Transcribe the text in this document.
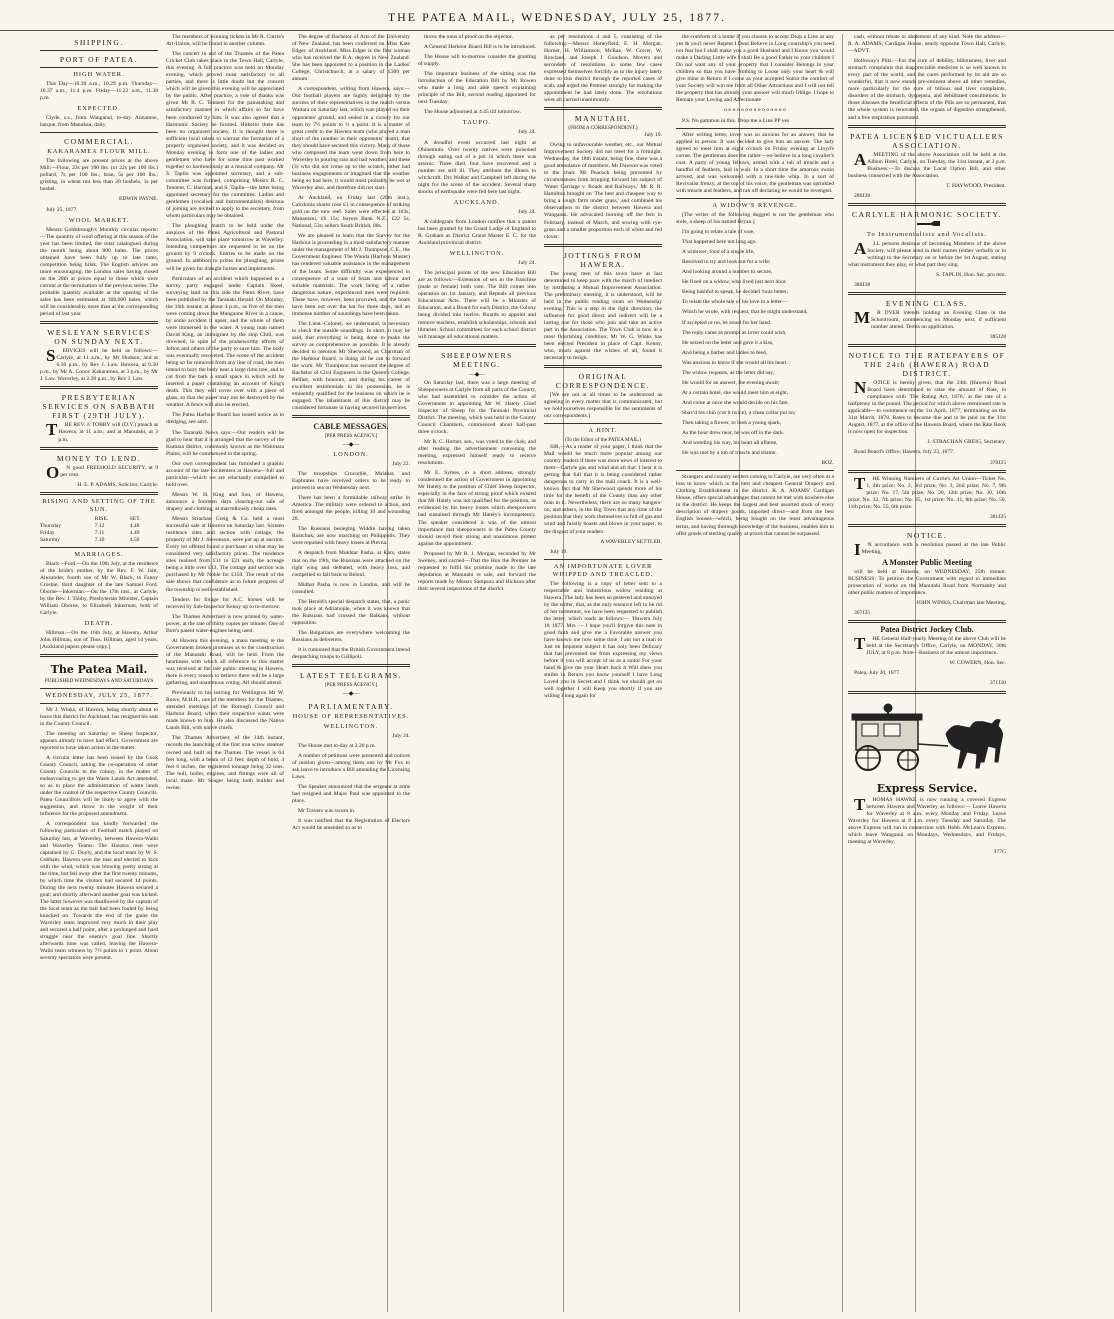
THE PATEA MAIL, WEDNESDAY, JULY 25, 1877.
SHIPPING.
PORT OF PATEA.
HIGH WATER.

This Day—10.30 a.m., 10.29 p.m. Thursday—10.37 a.m., 11.4 p.m. Friday—11.22 a.m., 11.38 p.m.

EXPECTED.

Clyde, s.s., from Wanganui, to-day. Annamoe, barque, from Manukau, daily.

COMMERCIAL.
KAKARAMEA FLOUR MILL.

The following are present prices at the above Mill:—Flour, 23s per 100 lbs. (or 22s per 100 lbs.) pollard, 7s per 100 lbs.; bran, 5s per 100 lbs.; gristing, in wheat not less than 20 bushels, 1s per bushel.

EDWIN PAYNE.

July 25, 1877.

WOOL MARKET.

Messrs Goldsbrough's Monthly circular reports:—The quantity of wool offering at this season of the year has been limited, the total catalogued during the month being about 800 bales. The prices obtained have been fully up to late rates, competition being brisk. The English advices are more encouraging; the London sales having closed on the 28th at prices equal to those which were current at the termination of the previous series. The probable quantity available at the opening of the sales has been estimated at 300,000 bales, which will be considerably more than at the corresponding period of last year.

WESLEYAN SERVICES ON SUNDAY NEXT.

SERVICES will be held as follows:—Carlyle, at 11 a.m., by Mr Hudson; and at 6.30 p.m., by Rev J. Law. Hawera, at 6.30 p.m., by Mr A. Conor. Kakaramea, at 3 p.m., by Mr J. Law. Waverley, at 2.30 p.m., by Rev J. Law.

PRESBYTERIAN SERVICES ON SABBATH FIRST (29TH JULY).

THE REV. J. TOBBY will (D.V.) preach at Hawera, at 11 a.m.; and at Manutahi, at 3 p.m.

MONEY TO LEND.

ON good FREEHOLD SECURITY, at 9 per cent.

H. E. P. ADAMS, Solicitor, Carlyle.

RISING AND SETTING OF THE SUN.
	RISE.	SET.
Thursday	7.12	4.48
Friday	7.11	4.49
Saturday	7.10	4.50
MARRIAGES.

Black—Ford.—On the 19th July, at the residence of the bride's mother, by the Rev. F. W. Isitt, Alexander, fourth son of Mr W. Black, to Fanny Crosbie, third daughter of the late Samuel Ford. Oborne—Inkerman.—On the 17th inst., at Carlyle, by the Rev. J. Tobby, Presbyterian Minister, Captain William Oborne, to Elizabeth Inkerman, both of Carlyle.

DEATH.

Hillman.—On the 16th July, at Hawera, Arthur John Hillman, son of Thos. Hillman, aged 14 years. [Auckland papers please copy.]

The Patea Mail.
PUBLISHED WEDNESDAYS AND SATURDAYS
WEDNESDAY, JULY 25, 1877.

Mr J. Winks, of Hawera, being shortly about to leave this district for Auckland, has resigned his seat in the County Council.

The meeting on Saturday re Sheep Inspector, appears already to have had effect. Government are reported to have taken action in the matter.

A circular letter has been issued by the Cook County Council, asking the co-operation of other County Councils in the colony, in the matter of endeavouring to get the Waste Lands Act amended, so as to place the administration of waste lands under the control of the respective County Councils. Patea Councillors will be likely to agree with the suggestion, and throw in the weight of their influence for the proposed amendment.

A correspondent has kindly forwarded the following particulars of Football match played on Saturday last, at Waverley, between Hawera-Waihi and Waverley Teams. The Hawera men were captained by G. Doyly, and the local team by W. S. Cobham. Hawera won the toss and elected to kick with the wind, which was blowing pretty strong at the time, but fell away after the first twenty minutes, by which time the visitors had secured 14 points. During the next twenty minutes Hawera secured a goal; and shortly afterward another goal was kicked. The latter however was disallowed by the captain of the local team as the ball had been fouled by being knocked on. Towards the end of the game the Waverley team improved very much in their play and secured a half point, after a prolonged and hard struggle near the enemy's goal line. Shortly afterwards time was called, leaving the Hawera-Waihi team winners by 7½ points to 1 point. About seventy spectators were present.

The members of winning tickets in Mr R. Currie's Art-Union, will be found in another column.

The concert in aid of the Trustees of the Patea Cricket Club takes place in the Town Hall, Carlyle, this evening. A full practice was held on Monday evening, which proved most satisfactory to all parties, and there is little doubt but the concert which will be given this evening will be appreciated by the public. After practice, a vote of thanks was given Mr R. C. Tennent for the painstaking and satisfactory manner in which affairs so far have been conducted by him. It was also agreed that a Harmonic Society be formed. Hitherto there has been no organised society. It is thought there is sufficient local talent to warrant the formation of a properly organised society, and it was decided on Monday evening to form one of the ladies and gentlemen who have for some time past worked together so harmoniously as a musical company. Mr S. Taplin was appointed secretary, and a sub-committee was formed, comprising Messrs R. C. Tennent, C. Harman, and S. Taplin—the latter being appointed secretary for the committee. Ladies and gentlemen (vocalists and instrumentalists) desirous of joining are invited to apply to the secretary, from whom particulars may be obtained.

The ploughing match to be held under the auspices of the Patea Agricultural and Pastoral Association, will take place tomorrow at Waverley. Intending competitors are requested to be on the ground by 9 o'clock. Entries to be made on the ground. In addition to prizes for ploughing, prizes will be given for draught horses and implements.

Particulars of an accident which happened to a survey party engaged under Captain Skeet, surveying land on this side the Patea River, have been published by the Taranaki Herald. On Monday, the 16th instant, at about 4 p.m., as five of the men were coming down the Mangaone River in a canoe, by some accident it upset, and the whole of them were immersed in the water. A young man named David King, an immigrant by the ship Chili, was drowned, in spite of the praiseworthy efforts of Jefton and others of the party to save him. The body was eventually recovered. The scene of the accident being so far removed from any line of road, the men intend to bury the body near a large rimu tree, and to cut from the bark a small space in which will be inserted a paper containing an account of King's death. This they will cover over with a piece of glass, so that the paper may not be destroyed by the weather. A fence will also be erected.

The Patea Harbour Board has issued notice as to dredging, see advt.

The Taranaki News says:—Our readers will be glad to hear that it is arranged that the survey of the Kumara district, commonly known as the Waitotara Plains, will be commenced in the spring.

Our own correspondent has furnished a graphic account of the late excitement at Hawera—full and particular—which we are reluctantly compelled to hold over.

Messrs W. H. King and Son, of Hawera, announce a fourteen days clearing-out sale of drapery and clothing, at marvellously cheap rates.

Messrs Strachan Greig & Co. held a most successful sale at Hawera on Saturday last. Sixteen residence sites and section with cottage, the property of Mr J. Stevenson, were put up at auction. Every lot offered found a purchaser at what may be considered very satisfactory prices. The residence sites realised from £11 to £21 each, the acreage being a little over £13. The cottage and section was purchased by Mr Noble for £150. The result of the sale shows that confidence as to future progress of the township is well established.

Tenders for forage for A.C. horses will be received by Sub-Inspector Kenny up to to-morrow.

The Thames Advertiser is now printed by water-power, at the rate of thirty copies per minute. One of Burt's patent water-engines being used.

At Hawera this evening, a mass meeting re the Government broken promises as to the construction of the Manutahi Road, will be held. From the heartiness with which all reference to this matter was received at the late public meeting in Hawera, there is every reason to believe there will be a large gathering, and unanimous voting. All should attend.

Previously to his leaving for Wellington Mr W. Rowe, M.H.R., one of the members for the Thames, attended meetings of the Borough Council and Harbour Board, when their respective wants were made known to him. He also discussed the Native Lands Bill, with native chiefs.

The Thames Advertiser, of the 14th instant, records the launching of the first iron screw steamer owned and built on the Thames. The vessel is 64 feet long, with a beam of 12 feet; depth of hold, 4 feet 6 inches, the registered tonnage being 32 tons. The hull, boiler, engines, and fittings were all of local make. Mr Seager being both builder and owner.

The degree of Bachelor of Arts of the University of New Zealand, has been conferred on Miss Kate Edger, of Auckland. Miss Edger is the first woman who has received the B.A. degree in New Zealand. She has been appointed to a position in the Ladies' College, Christchurch, at a salary of £300 per annum.

A correspondent, writing from Hawera, says:—Our football players are highly delighted by the success of their representatives in the match versus Waitara on Saturday last, which was played on their opponents' ground, and ended in a victory for our team by 7½ points to ½ a point. It is a matter of great credit to the Hawera team (who played a man short of the number in their opponents' team), that they should have secured this victory. Many of those who composed the team went down from here to Waverley in pouring rain and had weather, and these (3) who did not come up to the scratch, either had business engagements or imagined that the weather being so bad here, it would most probably be wet at Waverley also, and therefore did not start.

At Auckland, on Friday last (20th inst.), Calcdonia shares rose £1 in consequence of striking gold on the new reef. Sales were effected at 103s; Manantani, £6 15s; buyers Bank N.Z., £22 5s; National, 53s; sellers South British, 80s.

We are pleased to learn that the Survey for the Harbour is proceeding in a most satisfactory manner under the management of Mr J. Thompson, C.E., the Government Engineer. The Wanda (Harbour Master) has rendered valuable assistance in the management of the boats. Some difficulty was experienced in consequence of a want of boats and labour and suitable materials. The work being of a rather dangerous nature, experienced men were required. These have, however, been procured, and the boats have been out over the bar for three days, and an immense number of soundings have been taken.

The Lieut.-Colonel, we understand, is necessary to check the outside soundings. In short, it may be said, that everything is being done to make the survey as comprehensive as possible. It is already decided to mention Mr Sherwood, as Chairman of the Harbour Board, is doing all he can to forward the work. Mr Thompson has secured the degree of Bachelor of Civil Engineers in the Queen's College, Belfast, with honours, and during his career of excellent testimonials in his possession, he is eminently qualified for the business on which he is engaged. The inhabitants of this district may be considered fortunate in having secured his services.

CABLE MESSAGES.
[PER PRESS AGENCY.]
—◆—
LONDON.

July 22.

The troopships Crocodile, Malabar, and Euphrates have received orders to be ready to proceed to sea on Wednesday next.

There has been a formidable railway strike in America. The military were ordered to action, and fired amongst the people, killing 10 and wounding 20.

The Russians besieging Widdin having taken Rustchuk, are now marching on Philippolis. They were repulsed with heavy losses at Plevna.

A despatch from Mukhtar Pasha, at Kars, states that on the 19th, the Russians were attacked on the right wing and defeated, with heavy loss, and compelled to fall back to Beloul.

Midhat Pasha is now in London, and will be consulted.

The Herald's special despatch states, that, a panic took place at Adrianople, when it was known that the Russians had crossed the Balkans, without opposition.

The Bulgarians are everywhere welcoming the Russians as deliverers.

It is rumoured that the British Government intend despatching troops to Gallipoli.

LATEST TELEGRAMS.
[PER PRESS AGENCY.]
—◆—
PARLIAMENTARY.
HOUSE OF REPRESENTATIVES.
WELLINGTON.

July 24.

The House met to-day at 2.30 p.m.

A number of petitions were presented and notices of motion given—among them one by Mr Fox to ask leave to introduce a Bill amending the Licensing Laws.

The Speaker announced that the sergeant at arms had resigned and Major Paul was appointed to the place.

Mr Travers was sworn in.

It was notified that the Registration of Electors Act would be amended so as to

throw the onus of proof on the objector.

A General Harbour Board Bill is to be introduced.

The House will to-morrow consider the granting of supply.

The important business of the sitting was the introduction of the Education Bill by Mr Bowen who made a long and able speech explaining principle of the Bill, second reading appointed for next Tuesday.

The House adjourned at 4.45 till tomorrow.

TAUPO.

July 24.

A dreadful event occurred last night at Ohinemutu. Over twenty natives were poisoned through eating out of a pot in which there was arsenic. Three died, four have recovered and a number are still ill. They attribute the illness to witchcraft. Drs Walker and Campbell left during the night for the scene of the accident. Several sharp shocks of earthquake were felt here last night.

AUCKLAND.

July 24.

A cablegram from London notifies that a patent has been granted by the Grand Lodge of England to R. Graham as District Grand Master E. C. for the Auckland provincial district.

WELLINGTON.

July 24.

The principal points of the new Education Bill are as follows:—Extension of sex in the franchise (male or female) both vote. The Bill comes into operation on 1st January, and Repeals all previous Educational Acts. There will be a Minister of Education, and a Board for each District, the Colony being divided into twelve. Boards to appoint and remove teachers, establish scholarships, schools and libraries. School committees for each school district will manage all educational matters.

SHEEPOWNERS MEETING.
—◆—

On Saturday last, there was a large meeting of Sheepowners at Carlyle from all parts of the County, who had assembled to consider the action of Government in appointing Mr W. Hately Chief Inspector of Sheep for the Taranaki Provincial District. The meeting, which was held in the County Council Chambers, commenced about half-past three o'clock.

Mr R. C. Horner, sen., was voted to the chair, and after reading the advertisement convening the meeting, expressed himself ready to receive resolutions.

Mr E. Symes, in a short address, strongly condemned the action of Government in appointing Mr Hately to the position of Chief Sheep Inspector, especially in the face of strong proof which existed that Mr Hately was not qualified for the position, as evidenced by his heavy losses which sheepowners had sustained through Mr Hately's incompetency. The speaker considered it was of the utmost importance that sheepowners in the Patea County should record their strong and unanimous protest against the appointment.

Proposed by Mr R. J. Morgan, seconded by Mr Sweney, and carried—That the Hon the Premier be requested to fulfil his promise made to the late deputation at Manutahi re sale, and forward the reports made by Messrs Sampson and Hickson after their several inspections of the district.

as per resolutions 4 and 5, consisting of the following:—Messrs Honeyfield, E. H. Morgan, Horner, H. Williamson, McRae, W. Gower, W. Rowland, and Joseph J. Goodson. Movers and seconders of resolutions in some few cases expressed themselves forcibly as to the injury lately done to this district through the reported cases of scab, and urged the Premier strongly for making the appointment he had lately done. The resolutions were all carried unanimously.

MANUTAHI.
(FROM A CORRESPONDENT.)

July 19.

Owing to unfavourable weather, etc., our Mutual Improvement Society did not meet for a fortnight. Wednesday, the 18th instant, being fine, there was a good attendance of members. Mr Dawson was voted to the chair. Mr Peacock being prevented by circumstances from bringing forward his subject of 'Water Carriage v. Roads and Railways,' Mr R. R. Hamilton brought on 'The best and cheapest way to bring a rough farm under grass,' and combined his observations to the district between Hawera and Wanganui. He advocated burning off the fern in February, instead of March, and sowing with rye-grass and a smaller proportion each of white and red clover.

JOTTINGS FROM HAWERA.

The young men of this town have at last determined to keep pace with the march of intellect by instituting a Mutual Improvement Association. The preliminary meeting, it is understood, will be held in the public reading room on Wednesday evening. This is a step in the right direction; the influence for good direct and indirect will be a lasting one for those who join and take an active part in the Association. The Town Club is now in a most flourishing condition; Mr W. G. Winks has been elected President in place of Capt. Kenny, who, much against the wishes of all, found it necessary to resign.

ORIGINAL CORRESPONDENCE.

[We are not at all times to be understood as agreeing in every matter that is communicated, but we hold ourselves responsible for the sentiments of our correspondents.]

A HINT.
(To the Editor of the PATEA MAIL.)

SIR,—As a reader of your paper, I think that the Mail would be much more popular among our country readers if there was more news of interest to them—Carlyle gas and wind and all that. I hear it is getting that full that it is being considered rather dangerous to carry in the mail coach. It is a well-known fact that Mr Sherwood spends more of his time for the benefit of the County than any other man in it. Nevertheless, there are so many hangers-on, and others, in the Big Town that any time of the position that they work themselves so full of gas and wind and fussily boasts and blows in your paper, to the disgust of your readers.

A WAVERLEY SETTLER.

July 19.

AN IMPORTUNATE LOVER WHIPPED AND TREACLED.

The following is a copy of letter sent to a respectable and industrious widow residing at Hawera. The lady has been so pestered and annoyed by the writer, that, as the only resource left to be rid of her tormentor, we have been requested to publish the letter, which reads as follows:— 'Hawera July 18 1877. Mrs — I hope you'll forgive this note in good faith and give me a Favorable answer you have known me now some time. I am not a man to Just on Impotent subject it has only been Delicacy that has prevented me from expressing my views before if you will accept of us as a suitor For your hand & give me your Heart back it Will shew you smiles in Return you know yourself I have Long Loved you in Secret and I think we should get on well together I will Keep you shortly if you are willing I long again for

cash, without rebate or abatement of any kind. Note the address—R. A. ADAMS; Cardigan House, nearly opposite Town Hall, Carlyle.—ADVT.

Holloway's Pills.—For the cure of debility, biliousness, liver and stomach complaints this inappreciable medicine is so well known in every part of the world, and the cures performed by its aid are so wonderful, that it now stands pre-eminent above all other remedies, more particularly for the cure of bilious and liver complaints, disorders of the stomach, dyspepsia, and debilitated constitutions. In those diseases the beneficial effects of the Pills are so permanent, that the whole system is renovated, the organs of digestion strengthened, and a free respiration promoted.

PATEA LICENSED VICTUALLERS ASSOCIATION.

AMEETING of the above Association will be held at the Albion Hotel, Carlyle, on Tuesday, the 31st instant, at 3 p.m. Business:—To discuss the Local Option Bill, and other business connected with the Association.

T. HAYWOOD, President.

286J28

CARLYLE HARMONIC SOCIETY.
To Instrumentalists and Vocalists.

ALL persons desirous of becoming Members of the above Society, will please send in their names (either verbally or in writing) to the Secretary on or before the 1st August, stating what instrument they play, or what part they sing.

S. TAPLIN, Hon. Sec. pro tem.

380J28

EVENING CLASS.

MR DYER intends holding an Evening Class in the Schoolroom, commencing on Monday next, if sufficient number attend. Terms on application.

385J28

NOTICE TO THE RATEPAYERS OF THE 24th (HAWERA) ROAD DISTRICT.

NOTICE is hereby given, that the 24th (Hawera) Road Board have determined to raise the amount of Rate, in compliance with 'The Rating Act, 1876,' at the rate of a halfpenny in the pound. The period for which above mentioned rate is applicable—to commence on the 1st April, 1877, terminating on the 31st March, 1878. Rates to become due and to be paid on the 31st August, 1877, at the office of the Hawera Board, where the Rate Book is now open for inspection.

J. STRACHAN GREIG, Secretary.

Road Board's Office, Hawera, July 23, 1877.

378J25

THE Winning Numbers of Currie's Art Union—Ticket No. 1, 4th prize; No. 2, 3rd prize; No. 3, 2nd prize; No. 7, 9th prize; No. 17, 5th prize; No. 20, 12th prize; No. 30, 10th prize; No. 32, 7th prize; No. 35, 1st prize; No. 41, 8th prize; No. 50, 11th prize; No. 55, 6th prize.

381J25

NOTICE.

IN accordance with a resolution passed at the late Public Meeting,

A Monster Public Meeting

will be held at Hawera, on WEDNESDAY, 25th instant. BUSINESS: To petition the Government with regard to immediate prosecution of works on the Manutahi Road from Normanby and other public matters of importance.

JOHN WINKS, Chairman late Meeting.

367J25

Patea District Jockey Club.

THE General Half-yearly Meeting of the above Club will be held at the Secretary's Office, Carlyle, on MONDAY, 30th JULY, at 8 p.m. Note—Business of the utmost importance.

W. COWERN, Hon. Sec.

Patea, July 20, 1877.

371J30

Express Service.

THOMAS HAWKE is now running a covered Express between Hawera and Waverley as follows:— Leave Hawera for Waverley at 8 a.m. every Monday and Friday. Leave Waverley for Hawera at 8 a.m. every Tuesday and Saturday. The above Express will run in connection with Hobb. McLean's Express, which leave Wanganui on Mondays, Wednesdays, and Fridays, meeting at Waverley.

377G

the comforts of a home if you choose to accept Drop a Line as any yes & you'l never Repent I Dont Believe in Long courtship's you need not fear but I shall make you a good Husband and I Know you would make a Darling Little wife I shall Be a good Father to your children I Do not want any of your property that I consider Belongs to your children so that you have Nothing to Loose only your heart & will give mine in Return if I come as your accepted Suitor the comfort of your Society will win me from all Other Attractions and I will not tell the property that has already your answer will much Oblige. I hope to Remain your Loving and Affectionate

o o o o o o o o o o o o o o o

P.S. No gammon in this. Drop me a Line PP yes

After writing letter, lover was so anxious for an answer, that he applied in person. It was decided to give him an answer. The lady agreed to meet him at eight o'clock on Friday evening at Lloyd's corner. The gentleman does the rather—we believe in a long cavalier's coat. A party of young fellows, armed with a tub of treacle and a handful of feathers, laid in wait. In a short time the amorous swain arrived, and was welcomed with a raw-hide whip. In a sort of Revivalist frenzy, at the top of his voice, the gentleman was sprinkled with treacle and feathers, and ran off declaring he would be revenged.

A WIDOW'S REVENGE.

[The writer of the following doggrel is not the gentleman who stole, a sheep of his named Bryan.]

I'm going to relate a tale of woe,

That happened here not long ago.

A widower, fond of a single life,

Resolved to try and look out for a wife;

And looking around a number to secure,

He fixed on a widow, who lived just next door.

Being bashful to speak, he decided 'twas better,

To relate the whole tale of his love in a letter—

Which he wrote, with request, that he might understand,

If accepted or no, he stood for her hand.

The reply came as prompt as lover could wish,

He seized on the letter and gave it a kiss,

And being a barber and ladies to feed,

Was anxious to know if she would all his heart.

The widow requests, as the letter did say,

He would for an answer, the evening await;

At a certain hotel, she would meet him at eight,

And come at once she would decide on his fate.

Shav'd his chin (cut it twice), a clean collar put on;

Then taking a flower, to look a young spark,

As the hour drew near, he was off in the dark.

And wending his way, his heart all aflame,

He was met by a tub of treacle and shame.

BOZ.

Strangers and country settlers coming to Carlyle, are very often at a loss to know which is the best and cheapest General Drapery and Clothing Establishment in the district. R. A. ADAMS' Cardigan House, offers special advantages that cannot be met with nowhere else in the district. He keeps the largest and best assorted stock of every description of drapery goods, imported direct—and from the best English houses—which, being bought on the most advantageous terms, and having thorough knowledge of the business, enables him to offer goods of sterling quality at prices that cannot be surpassed.
